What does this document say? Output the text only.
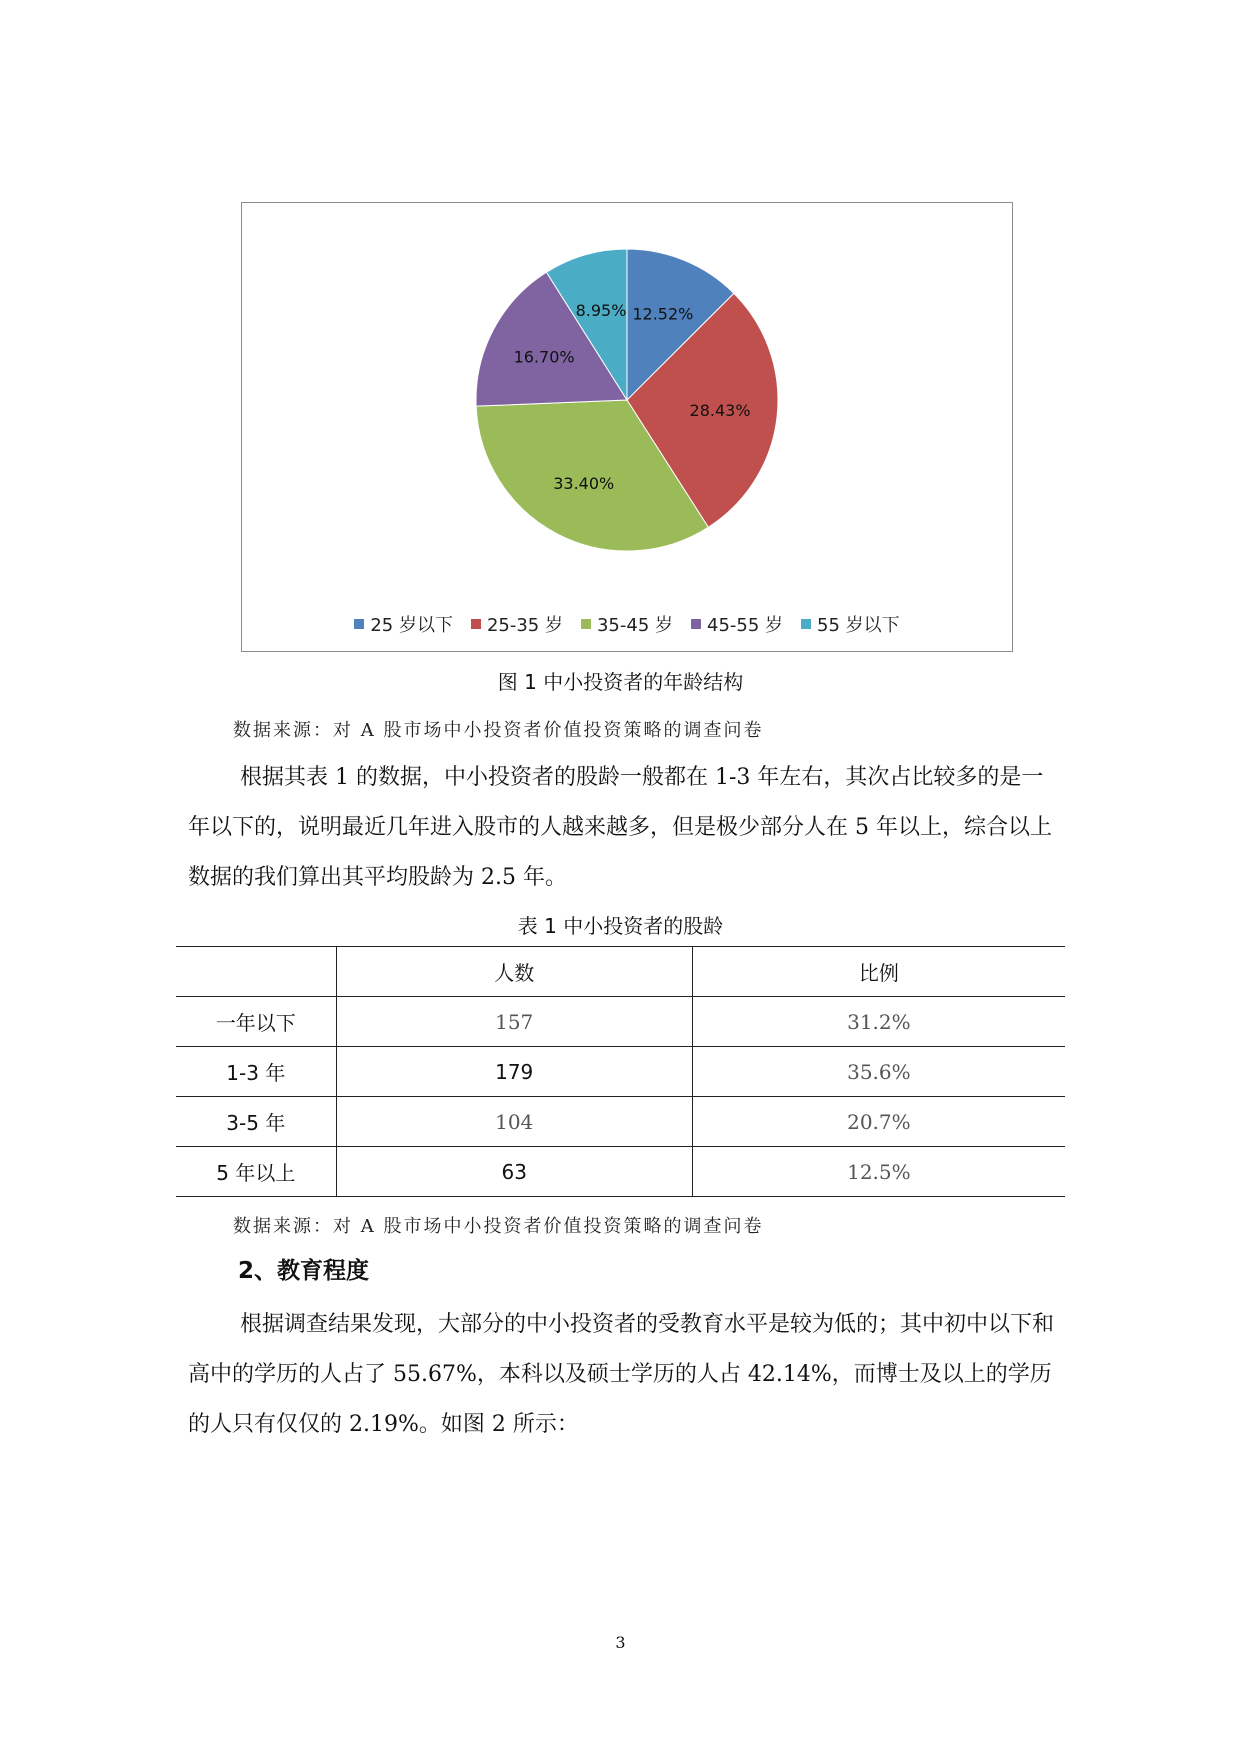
12.52%
28.43%
33.40%
16.70%
8.95%
25 岁以下 25-35 岁 35-45 岁 45-55 岁 55 岁以下
图 1 中小投资者的年龄结构
数据来源：对 A 股市场中小投资者价值投资策略的调查问卷

根据其表 1 的数据，中小投资者的股龄一般都在 1-3 年左右，其次占比较多的是一年以下的，说明最近几年进入股市的人越来越多，但是极少部分人在 5 年以上，综合以上数据的我们算出其平均股龄为 2.5 年。

表 1 中小投资者的股龄
	人数	比例
一年以下	157	31.2%
1-3 年	179	35.6%
3-5 年	104	20.7%
5 年以上	63	12.5%
数据来源：对 A 股市场中小投资者价值投资策略的调查问卷
2、教育程度

根据调查结果发现，大部分的中小投资者的受教育水平是较为低的；其中初中以下和高中的学历的人占了 55.67%，本科以及硕士学历的人占 42.14%，而博士及以上的学历的人只有仅仅的 2.19%。如图 2 所示：

3
